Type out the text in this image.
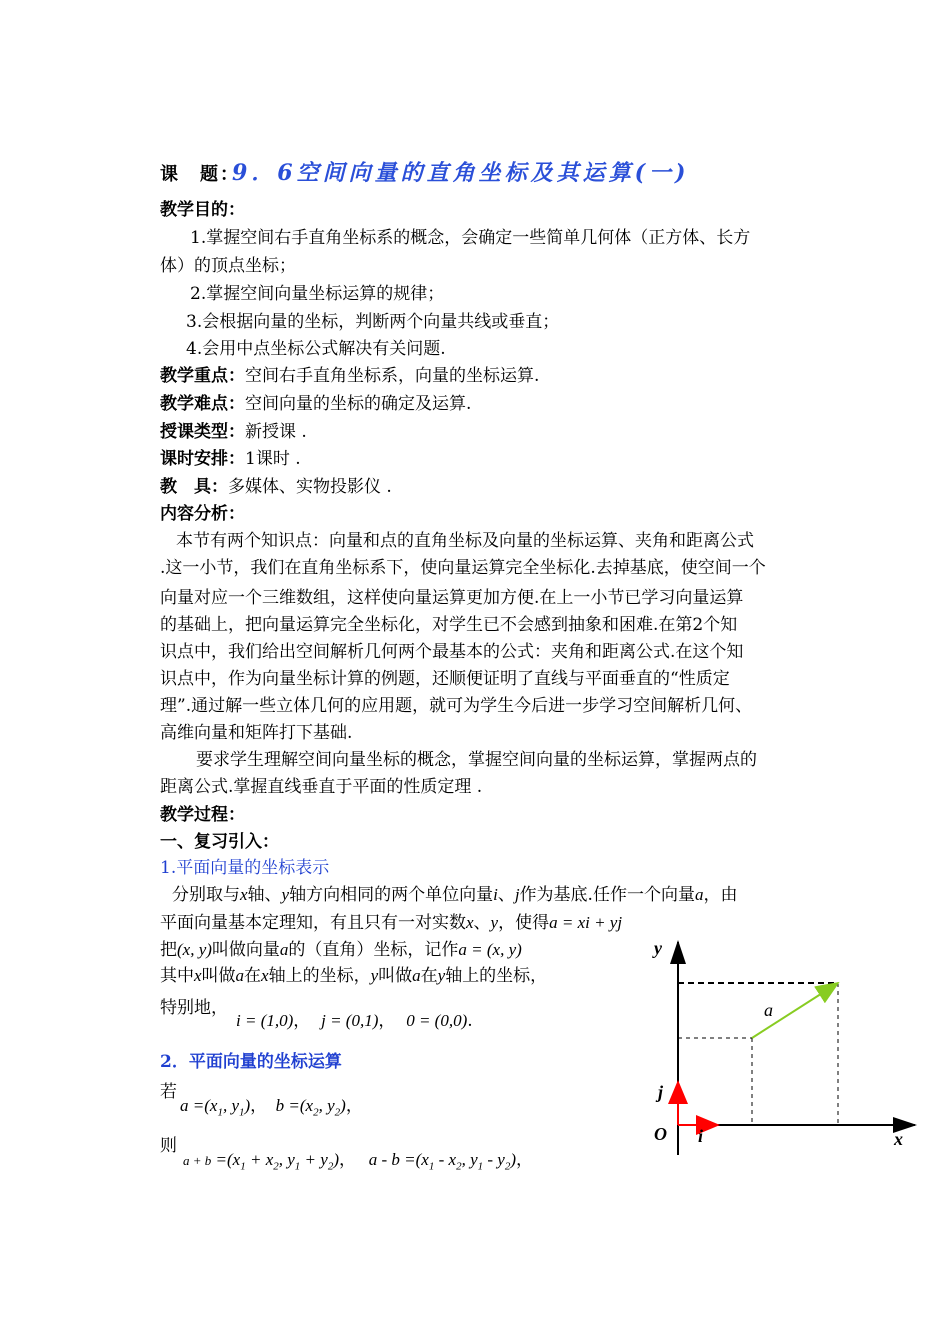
课　题：
9．6空间向量的直角坐标及其运算(一)
教学目的：
1.掌握空间右手直角坐标系的概念，会确定一些简单几何体（正方体、长方
体）的顶点坐标；
2.掌握空间向量坐标运算的规律；
3.会根据向量的坐标，判断两个向量共线或垂直；
4.会用中点坐标公式解决有关问题.
教学重点：空间右手直角坐标系，向量的坐标运算.
教学难点：空间向量的坐标的确定及运算.
授课类型：新授课 .
课时安排：1课时 .
教　具：多媒体、实物投影仪 .
内容分析：
本节有两个知识点：向量和点的直角坐标及向量的坐标运算、夹角和距离公式
.这一小节，我们在直角坐标系下，使向量运算完全坐标化.去掉基底，使空间一个
向量对应一个三维数组，这样使向量运算更加方便.在上一小节已学习向量运算
的基础上，把向量运算完全坐标化，对学生已不会感到抽象和困难.在第2个知
识点中，我们给出空间解析几何两个最基本的公式：夹角和距离公式.在这个知
识点中，作为向量坐标计算的例题，还顺便证明了直线与平面垂直的“性质定
理”.通过解一些立体几何的应用题，就可为学生今后进一步学习空间解析几何、
高维向量和矩阵打下基础.
要求学生理解空间向量坐标的概念，掌握空间向量的坐标运算，掌握两点的
距离公式.掌握直线垂直于平面的性质定理 .
教学过程：
一、复习引入：
1.平面向量的坐标表示
分别取与x轴、y轴方向相同的两个单位向量i、j作为基底.任作一个向量a，由
平面向量基本定理知，有且只有一对实数x、y，使得a = xi + yj
把(x, y)叫做向量a的（直角）坐标，记作a = (x, y)
其中x叫做a在x轴上的坐标，y叫做a在y轴上的坐标，
特别地，
i = (1,0)， j = (0,1)， 0 = (0,0).
2．平面向量的坐标运算
若
$a =(x_1$, $y_1$)，  $b =(x_2$, $y_2$)，
则
$a + b =(x_1 + x_2$, $y_1 + y_2$)，   $a - b =(x_1 - x_2$, $y_1 - y_2$)，
y
x
O i
j
a
